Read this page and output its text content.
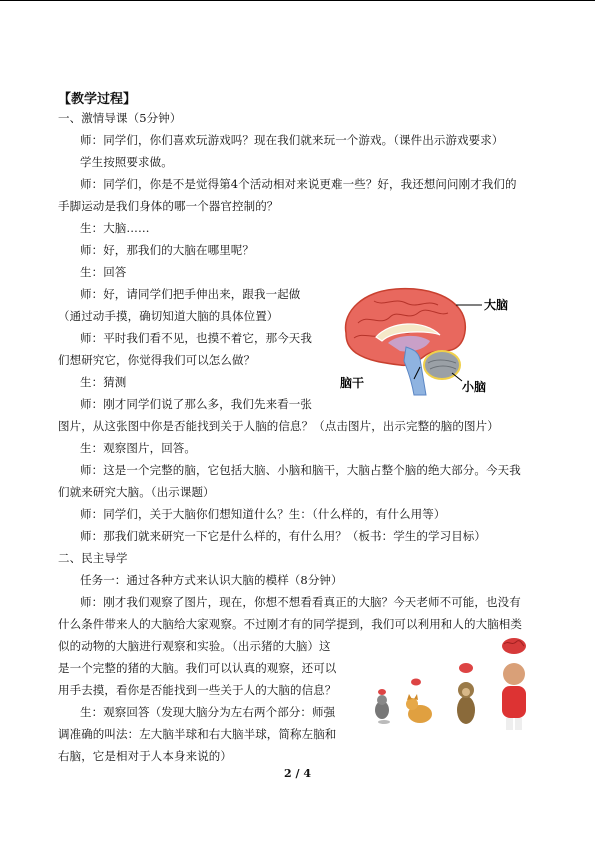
【教学过程】
一、激情导课（5分钟）
师：同学们，你们喜欢玩游戏吗？现在我们就来玩一个游戏。（课件出示游戏要求）
学生按照要求做。
师：同学们，你是不是觉得第4个活动相对来说更难一些？好，我还想问问刚才我们的
手脚运动是我们身体的哪一个器官控制的？
生：大脑……
师：好，那我们的大脑在哪里呢？
生：回答
师：好，请同学们把手伸出来，跟我一起做
（通过动手摸，确切知道大脑的具体位置）
师：平时我们看不见，也摸不着它，那今天我
们想研究它，你觉得我们可以怎么做？
生：猜测
师：刚才同学们说了那么多，我们先来看一张
图片，从这张图中你是否能找到关于人脑的信息？（点击图片，出示完整的脑的图片）
生：观察图片，回答。
师：这是一个完整的脑，它包括大脑、小脑和脑干，大脑占整个脑的绝大部分。今天我
们就来研究大脑。（出示课题）
师：同学们，关于大脑你们想知道什么？生：（什么样的，有什么用等）
师：那我们就来研究一下它是什么样的，有什么用？（板书：学生的学习目标）
二、民主导学
任务一：通过各种方式来认识大脑的模样（8分钟）
师：刚才我们观察了图片，现在，你想不想看看真正的大脑？今天老师不可能，也没有
什么条件带来人的大脑给大家观察。不过刚才有的同学提到，我们可以利用和人的大脑相类
似的动物的大脑进行观察和实验。（出示猪的大脑）这
是一个完整的猪的大脑。我们可以认真的观察，还可以
用手去摸，看你是否能找到一些关于人的大脑的信息？
生：观察回答（发现大脑分为左右两个部分：师强
调准确的叫法：左大脑半球和右大脑半球，简称左脑和
右脑，它是相对于人本身来说的）
大脑
脑干	小脑
2 / 4
